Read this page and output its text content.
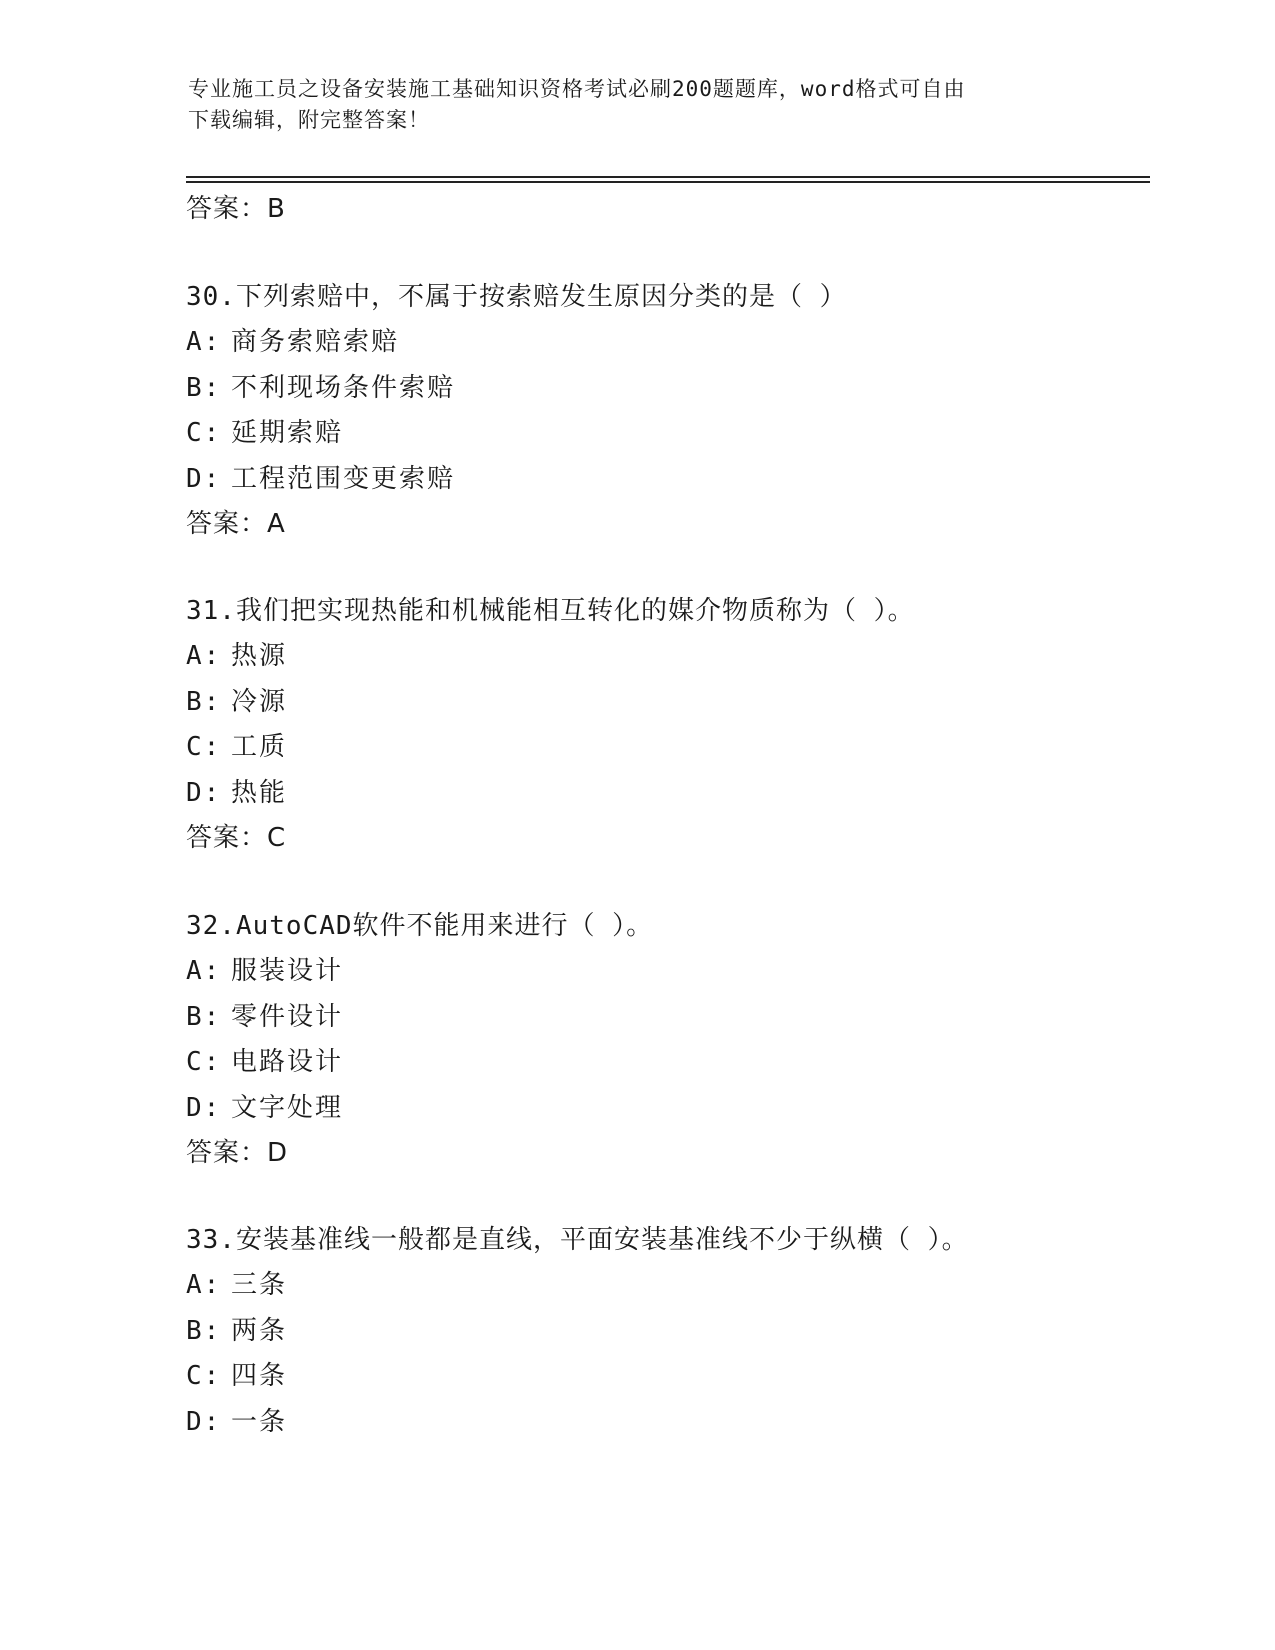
专业施工员之设备安装施工基础知识资格考试必刷200题题库，word格式可自由
下载编辑，附完整答案！
答案：B
30.下列索赔中，不属于按索赔发生原因分类的是（ ）
A: 商务索赔索赔
B: 不利现场条件索赔
C: 延期索赔
D: 工程范围变更索赔
答案：A
31.我们把实现热能和机械能相互转化的媒介物质称为（ ）。
A: 热源
B: 冷源
C: 工质
D: 热能
答案：C
32.AutoCAD软件不能用来进行（ ）。
A: 服装设计
B: 零件设计
C: 电路设计
D: 文字处理
答案：D
33.安装基准线一般都是直线，平面安装基准线不少于纵横（ ）。
A: 三条
B: 两条
C: 四条
D: 一条
